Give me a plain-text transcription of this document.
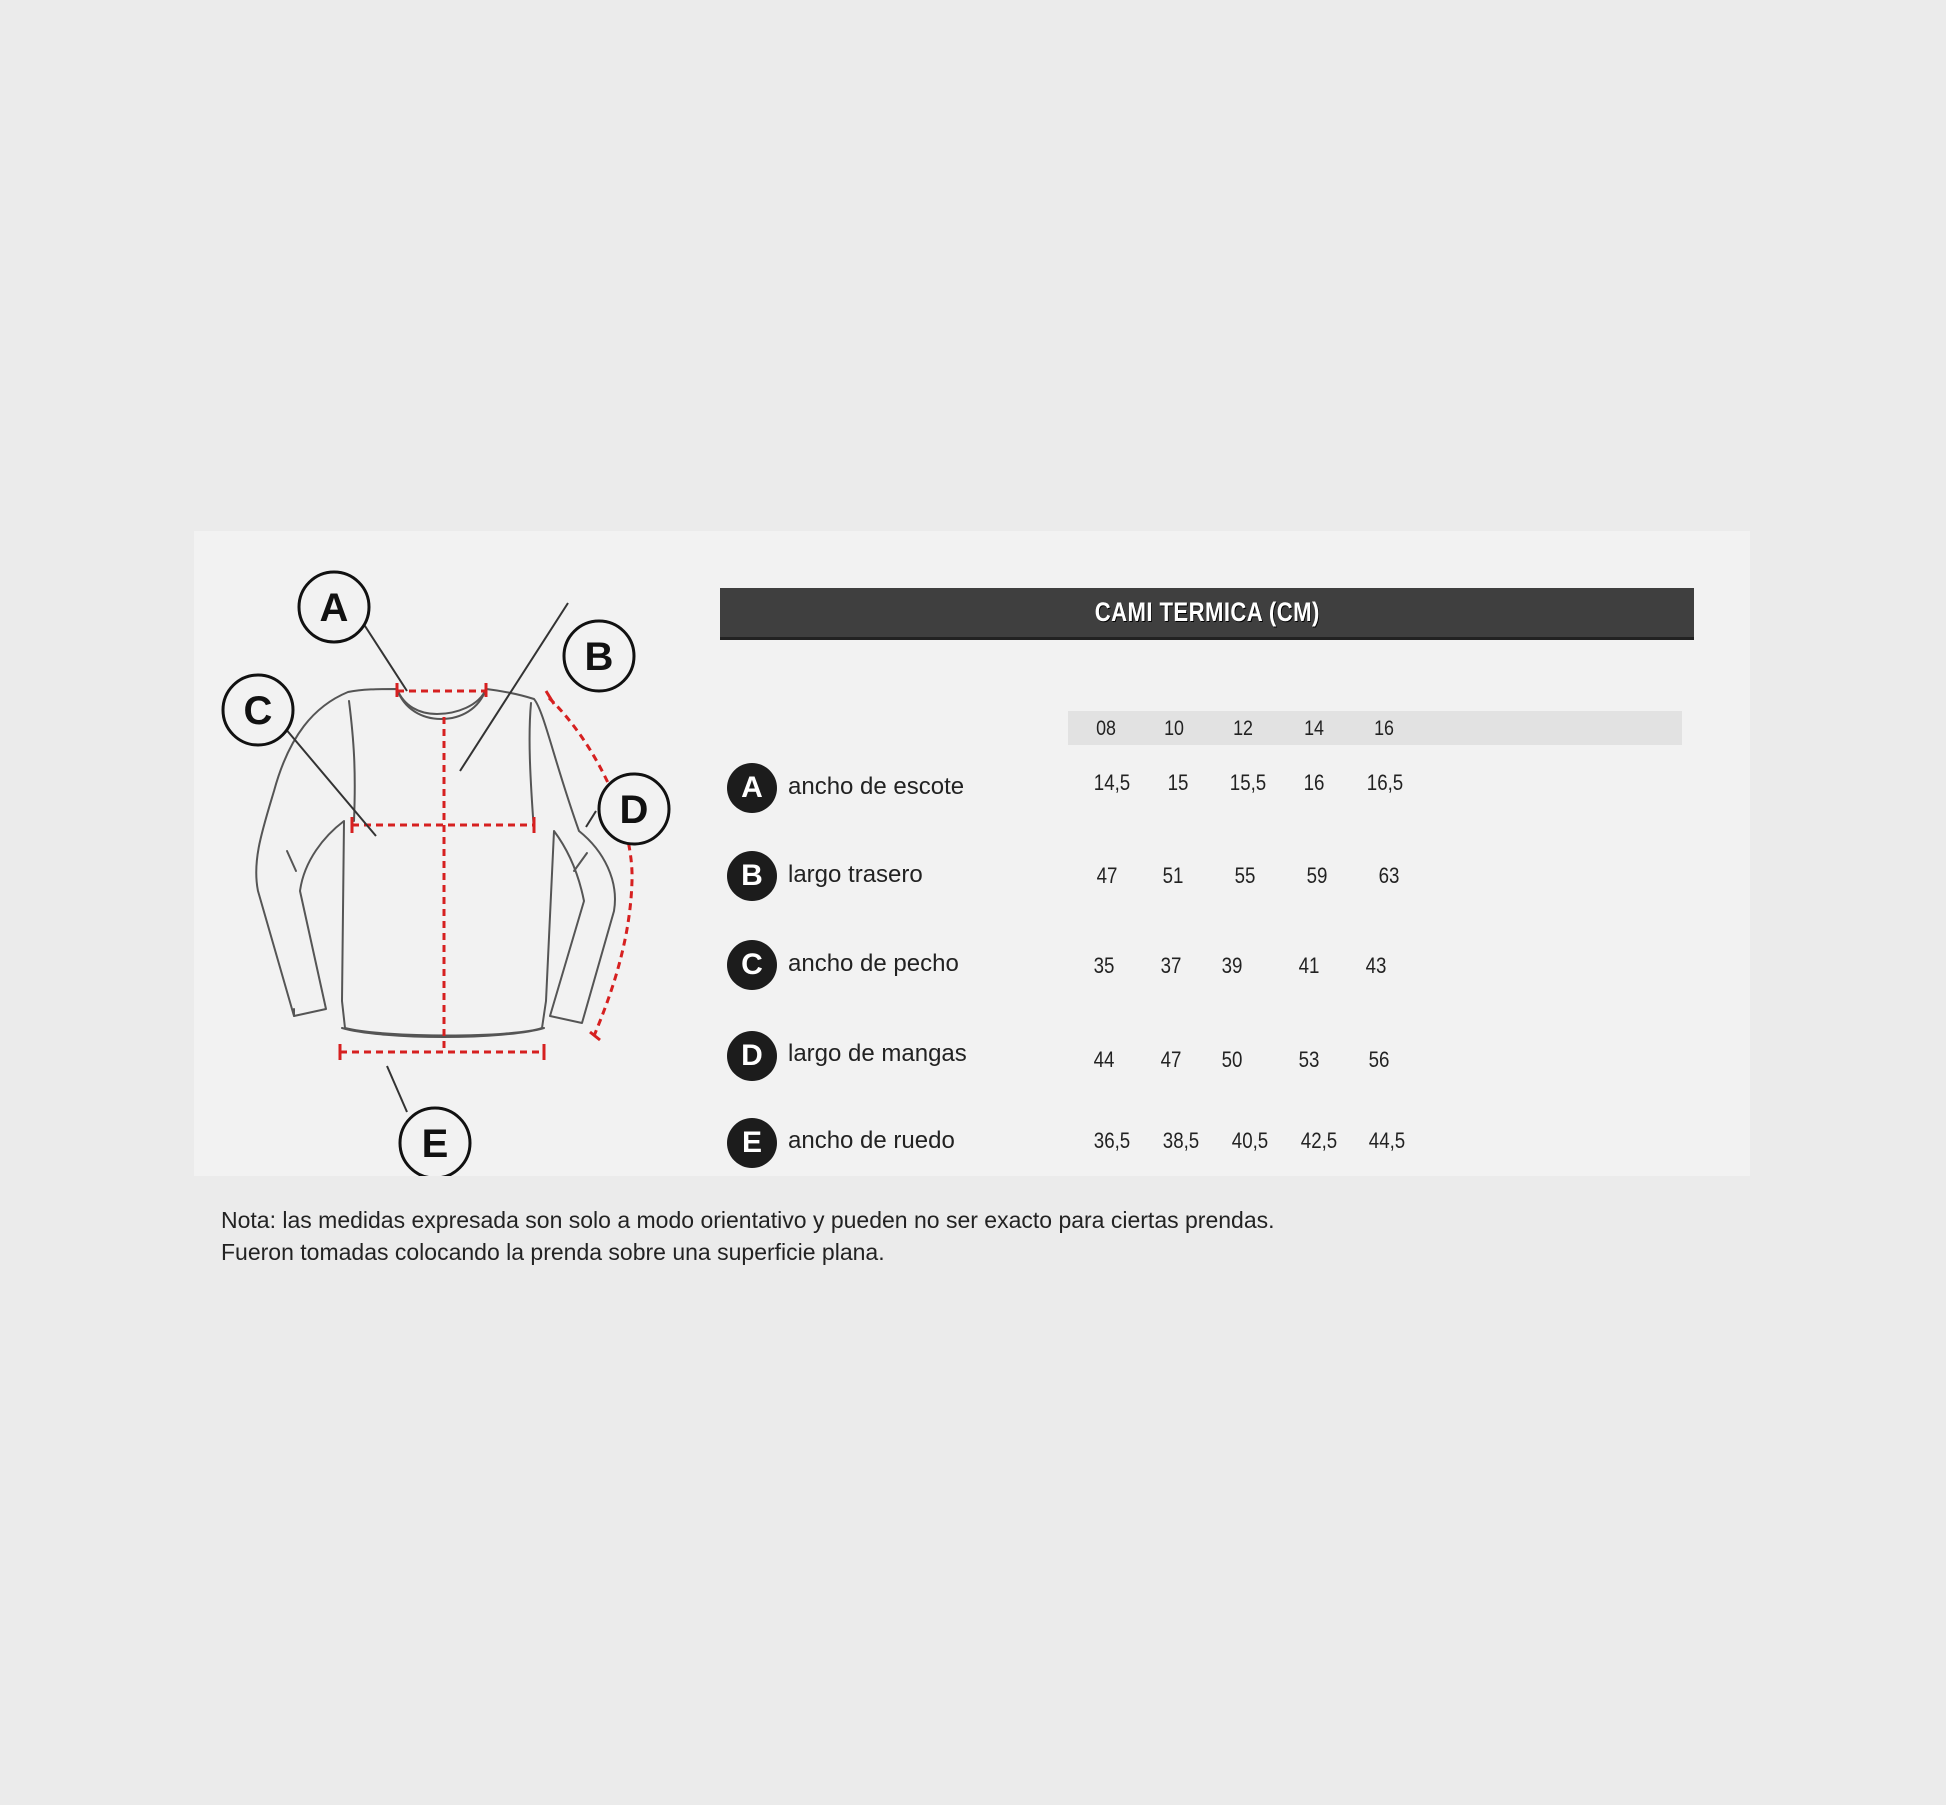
A
B
C
D
E
CAMI TERMICA (CM)
08	10	12	14	16
A	ancho de escote	14,5	15	15,5	16	16,5
B	largo trasero	47	51	55	59	63
C	ancho de pecho	35	37	39	41	43
D	largo de mangas	44	47	50	53	56
E	ancho de ruedo	36,5	38,5	40,5	42,5	44,5
Nota: las medidas expresada son solo a modo orientativo y pueden no ser exacto para ciertas prendas.
Fueron tomadas colocando la prenda sobre una superficie plana.
